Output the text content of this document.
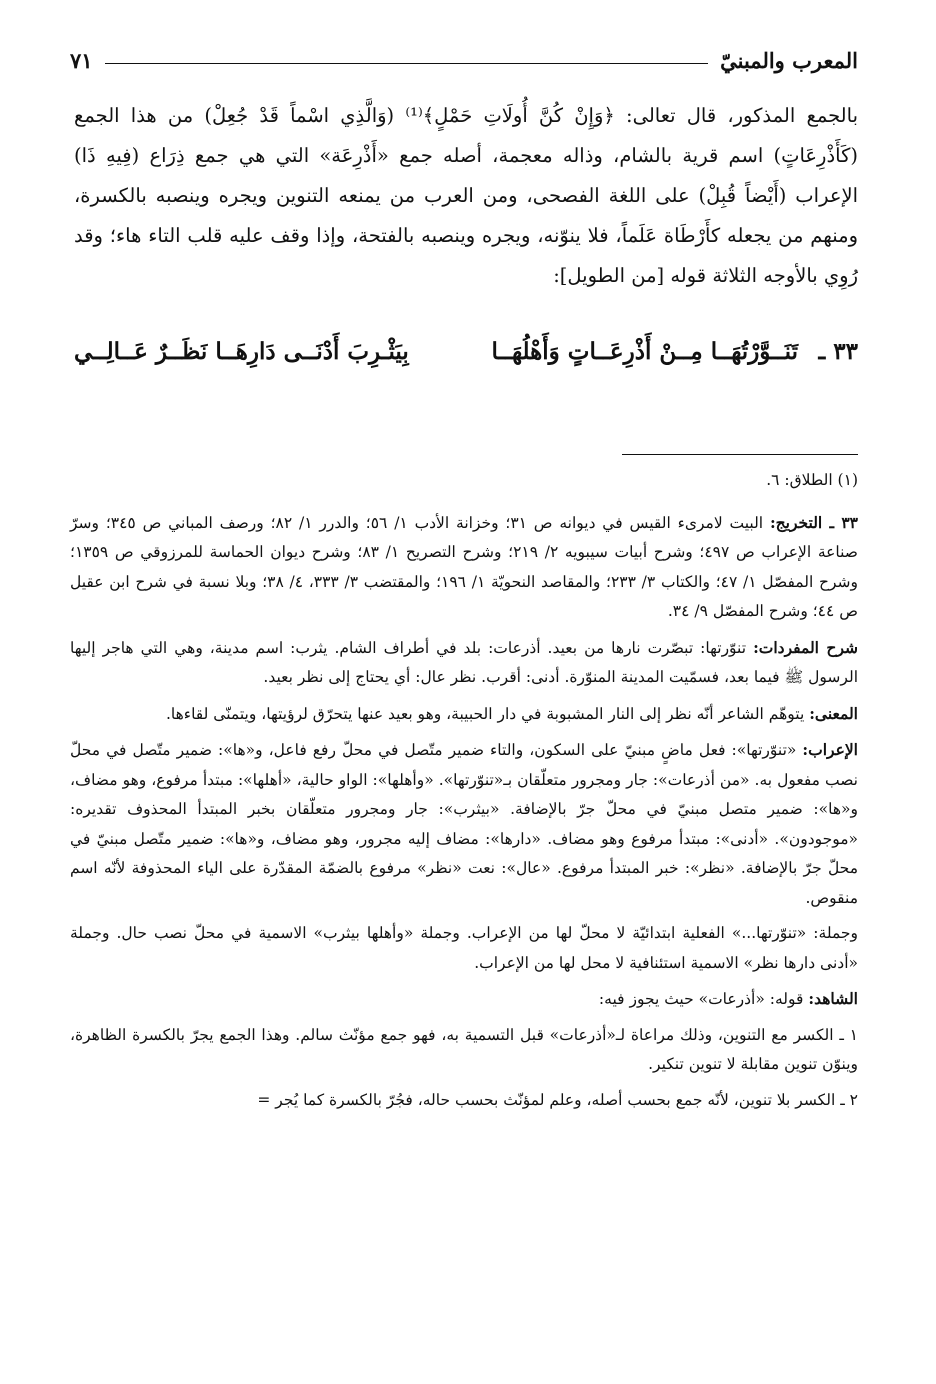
المعرب والمبنيّ
٧١

بالجمع المذكور، قال تعالى: ﴿وَإِنْ كُنَّ أُولَاتِ حَمْلٍ﴾⁽¹⁾ (وَالَّذِي اسْماً قَدْ جُعِلْ) من هذا الجمع (كَأَذْرِعَاتٍ) اسم قرية بالشام، وذاله معجمة، أصله جمع «أَذْرِعَة» التي هي جمع ذِرَاع (فِيهِ ذَا) الإعراب (أَيْضاً قُبِلْ) على اللغة الفصحى، ومن العرب من يمنعه التنوين ويجره وينصبه بالكسرة، ومنهم من يجعله كأَرْطَاة عَلَماً، فلا ينوّنه، ويجره وينصبه بالفتحة، وإذا وقف عليه قلب التاء هاء؛ وقد رُوِي بالأوجه الثلاثة قوله [من الطويل]:

٣٣ ـ
تَنَــوَّرْتُهَــا مِــنْ أَذْرِعَــاتٍ وَأَهْلُهَــا
بِيَثْـرِبَ أَدْنَــى دَارِهَــا نَظَــرٌ عَــالِــي

(١) الطلاق: ٦.

٣٣ ـ التخريج: البيت لامرىء القيس في ديوانه ص ٣١؛ وخزانة الأدب ١/ ٥٦؛ والدرر ١/ ٨٢؛ ورصف المباني ص ٣٤٥؛ وسرّ صناعة الإعراب ص ٤٩٧؛ وشرح أبيات سيبويه ٢/ ٢١٩؛ وشرح التصريح ١/ ٨٣؛ وشرح ديوان الحماسة للمرزوقي ص ١٣٥٩؛ وشرح المفصّل ١/ ٤٧؛ والكتاب ٣/ ٢٣٣؛ والمقاصد النحويّة ١/ ١٩٦؛ والمقتضب ٣/ ٣٣٣، ٤/ ٣٨؛ وبلا نسبة في شرح ابن عقيل ص ٤٤؛ وشرح المفصّل ٩/ ٣٤.

شرح المفردات: تنوّرتها: تبصّرت نارها من بعيد. أذرعات: بلد في أطراف الشام. يثرب: اسم مدينة، وهي التي هاجر إليها الرسول ﷺ فيما بعد، فسمّيت المدينة المنوّرة. أدنى: أقرب. نظر عال: أي يحتاج إلى نظر بعيد.

المعنى: يتوهّم الشاعر أنّه نظر إلى النار المشبوبة في دار الحبيبة، وهو بعيد عنها يتحرّق لرؤيتها، ويتمنّى لقاءها.

الإعراب: «تنوّرتها»: فعل ماضٍ مبنيّ على السكون، والتاء ضمير متّصل في محلّ رفع فاعل، و«ها»: ضمير متّصل في محلّ نصب مفعول به. «من أذرعات»: جار ومجرور متعلّقان بـ«تنوّرتها». «وأهلها»: الواو حالية، «أهلها»: مبتدأ مرفوع، وهو مضاف، و«ها»: ضمير متصل مبنيّ في محلّ جرّ بالإضافة. «بيثرب»: جار ومجرور متعلّقان بخبر المبتدأ المحذوف تقديره: «موجودون». «أدنى»: مبتدأ مرفوع وهو مضاف. «دارها»: مضاف إليه مجرور، وهو مضاف، و«ها»: ضمير متّصل مبنيّ في محلّ جرّ بالإضافة. «نظر»: خبر المبتدأ مرفوع. «عال»: نعت «نظر» مرفوع بالضمّة المقدّرة على الياء المحذوفة لأنّه اسم منقوص.

وجملة: «تنوّرتها...» الفعلية ابتدائيّة لا محلّ لها من الإعراب. وجملة «وأهلها بيثرب» الاسمية في محلّ نصب حال. وجملة «أدنى دارها نظر» الاسمية استئنافية لا محل لها من الإعراب.

الشاهد: قوله: «أذرعات» حيث يجوز فيه:

١ ـ الكسر مع التنوين، وذلك مراعاة لـ«أذرعات» قبل التسمية به، فهو جمع مؤنّث سالم. وهذا الجمع يجرّ بالكسرة الظاهرة، وينوّن تنوين مقابلة لا تنوين تنكير.

٢ ـ الكسر بلا تنوين، لأنّه جمع بحسب أصله، وعلم لمؤنّث بحسب حاله، فجُرّ بالكسرة كما يُجر =
